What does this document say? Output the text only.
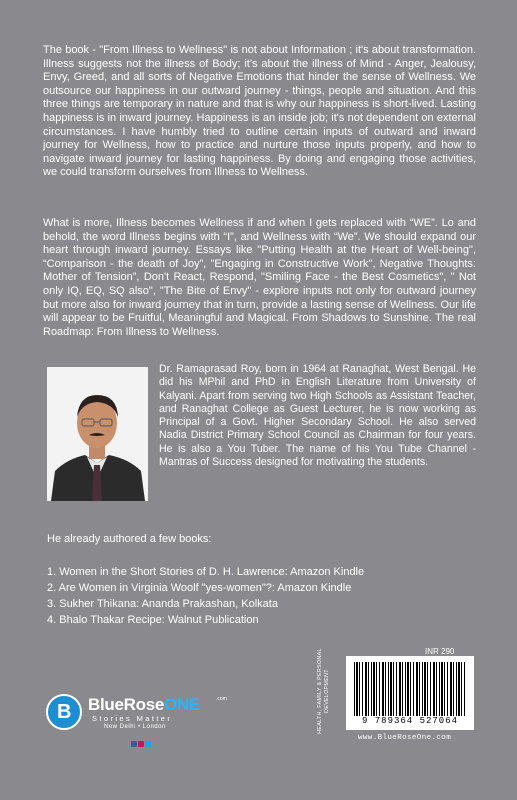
The book - "From Illness to Wellness" is not about Information ; it's about transformation. Illness suggests not the illness of Body; it's about the illness of Mind - Anger, Jealousy, Envy, Greed, and all sorts of Negative Emotions that hinder the sense of Wellness. We outsource our happiness in our outward journey - things, people and situation. And this three things are temporary in nature and that is why our happiness is short-lived. Lasting happiness is in inward journey. Happiness is an inside job; it's not dependent on external circumstances. I have humbly tried to outline certain inputs of outward and inward journey for Wellness, how to practice and nurture those inputs properly, and how to navigate inward journey for lasting happiness. By doing and engaging those activities, we could transform ourselves from Illness to Wellness.

What is more, Illness becomes Wellness if and when I gets replaced with “WE”. Lo and behold, the word Illness begins with “I”, and Wellness with “We”. We should expand our heart through inward journey. Essays like "Putting Health at the Heart of Well-being", “Comparison - the death of Joy”, "Engaging in Constructive Work", Negative Thoughts: Mother of Tension”, Don't React, Respond, "Smiling Face - the Best Cosmetics", " Not only IQ, EQ, SQ also", "The Bite of Envy" - explore inputs not only for outward journey but more also for inward journey that in turn, provide a lasting sense of Wellness. Our life will appear to be Fruitful, Meaningful and Magical. From Shadows to Sunshine. The real Roadmap: From Illness to Wellness.

Dr. Ramaprasad Roy, born in 1964 at Ranaghat, West Bengal. He did his MPhil and PhD in English Literature from University of Kalyani. Apart from serving two High Schools as Assistant Teacher, and Ranaghat College as Guest Lecturer, he is now working as Principal of a Govt. Higher Secondary School. He also served Nadia District Primary School Council as Chairman for four years. He is also a You Tuber. The name of his You Tube Channel - Mantras of Success designed for motivating the students.

He already authored a few books:

1. Women in the Short Stories of D. H. Lawrence: Amazon Kindle
2. Are Women in Virginia Woolf "yes-women"?: Amazon Kindle
3. Sukher Thikana: Ananda Prakashan, Kolkata
4. Bhalo Thakar Recipe: Walnut Publication
B BlueRoseONE	.com
Stories Matter
New Delhi • London	HEALTH, FAMILY & PERSONAL DEVELOPMENT
INR 290
9 789364 527064
www.BlueRoseOne.com
